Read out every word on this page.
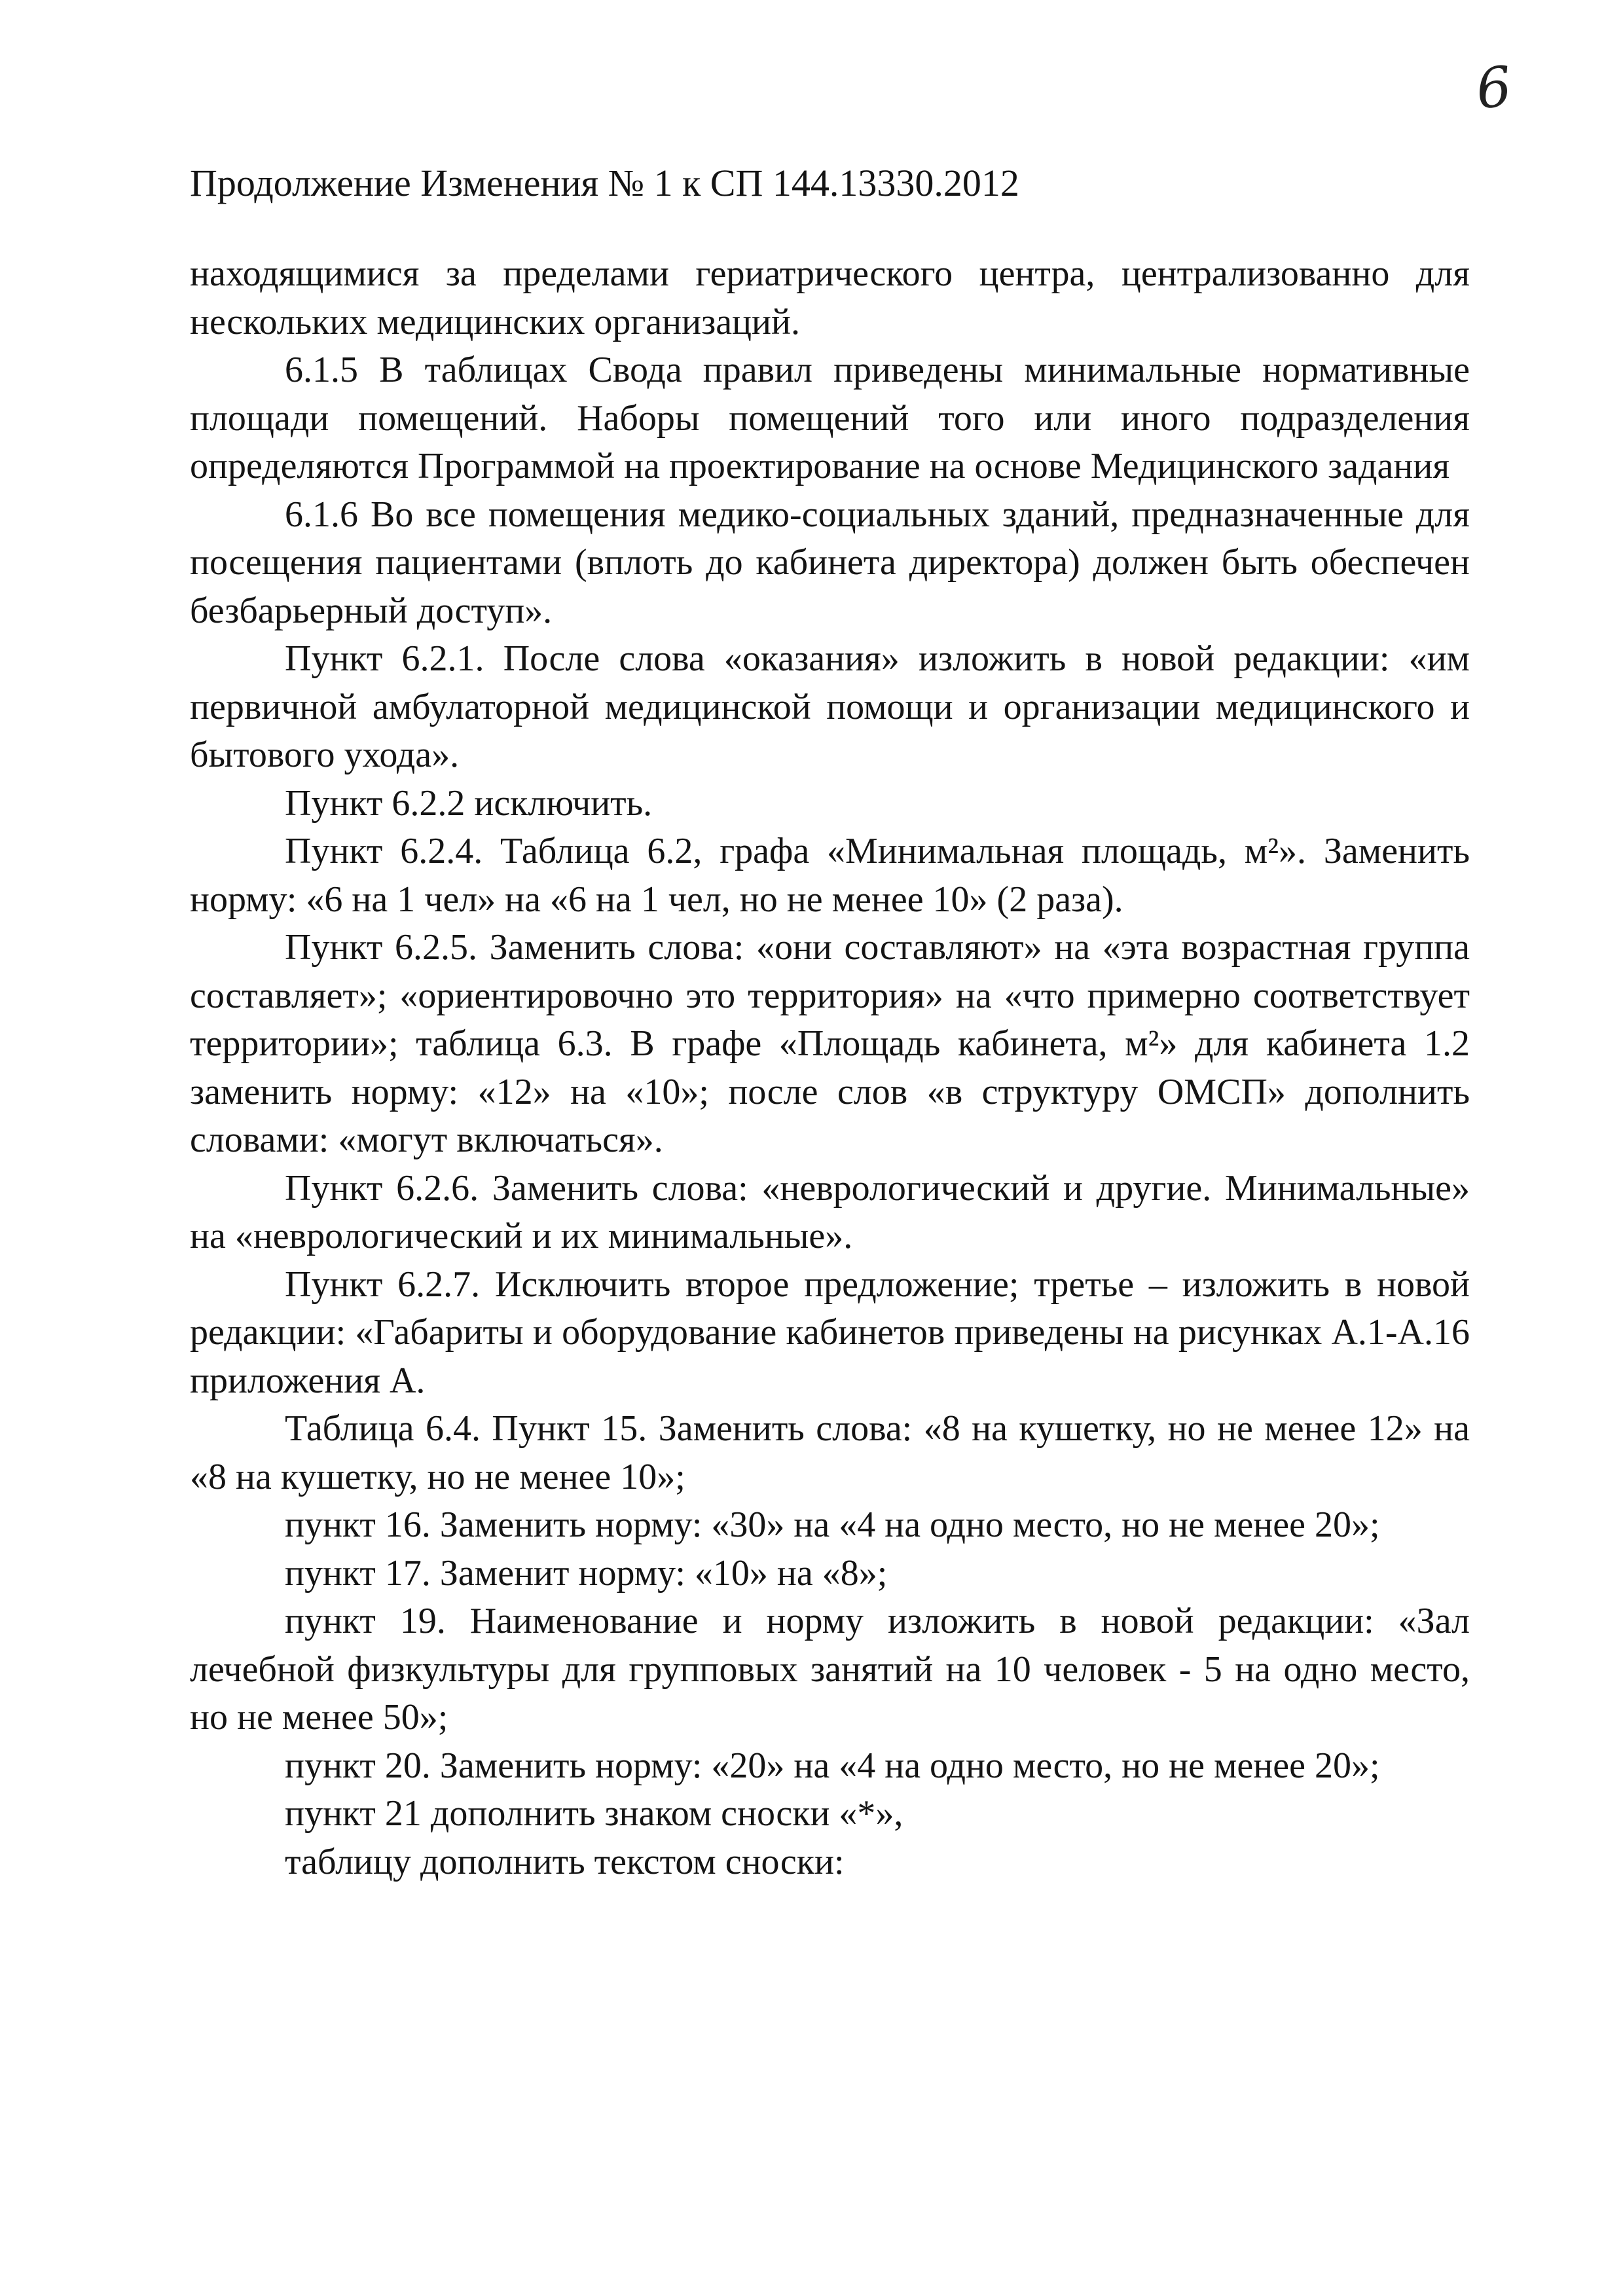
6
Продолжение Изменения № 1 к СП 144.13330.2012

находящимися за пределами гериатрического центра, централизованно для нескольких медицинских организаций.

6.1.5 В таблицах Свода правил приведены минимальные нормативные площади помещений. Наборы помещений того или иного подразделения определяются Программой на проектирование на основе Медицинского задания

6.1.6 Во все помещения медико-социальных зданий, предназначенные для посещения пациентами (вплоть до кабинета директора) должен быть обеспечен безбарьерный доступ».

Пункт 6.2.1. После слова «оказания» изложить в новой редакции: «им первичной амбулаторной медицинской помощи и организации медицинского и бытового ухода».

Пункт 6.2.2 исключить.

Пункт 6.2.4. Таблица 6.2, графа «Минимальная площадь, м²». Заменить норму: «6 на 1 чел» на «6 на 1 чел, но не менее 10» (2 раза).

Пункт 6.2.5. Заменить слова: «они составляют» на «эта возрастная группа составляет»; «ориентировочно это территория» на «что примерно соответствует территории»; таблица 6.3. В графе «Площадь кабинета, м²» для кабинета 1.2 заменить норму: «12» на «10»; после слов «в структуру ОМСП» дополнить словами: «могут включаться».

Пункт 6.2.6. Заменить слова: «неврологический и другие. Минимальные» на «неврологический и их минимальные».

Пункт 6.2.7. Исключить второе предложение; третье – изложить в новой редакции: «Габариты и оборудование кабинетов приведены на рисунках А.1-А.16 приложения А.

Таблица 6.4. Пункт 15. Заменить слова: «8 на кушетку, но не менее 12» на «8 на кушетку, но не менее 10»;

пункт 16. Заменить норму: «30» на «4 на одно место, но не менее 20»;

пункт 17. Заменит норму: «10» на «8»;

пункт 19. Наименование и норму изложить в новой редакции: «Зал лечебной физкультуры для групповых занятий на 10 человек - 5 на одно место, но не менее 50»;

пункт 20. Заменить норму: «20» на «4 на одно место, но не менее 20»;

пункт 21 дополнить знаком сноски «*»,

таблицу дополнить текстом сноски:
